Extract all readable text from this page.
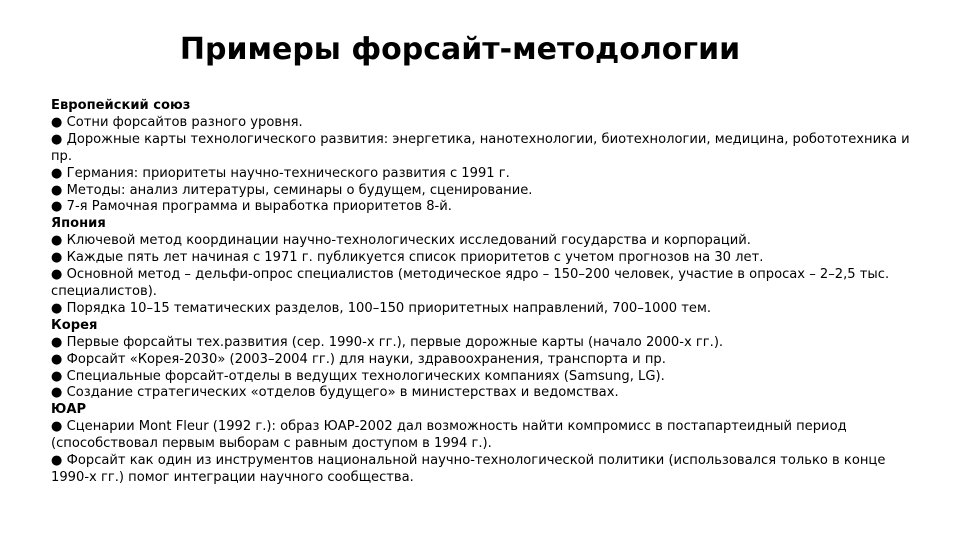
Примеры форсайт-методологии

Европейский союз

● Сотни форсайтов разного уровня.
● Дорожные карты технологического развития: энергетика, нанотехнологии, биотехнологии, медицина, робототехника и пр.
● Германия: приоритеты научно-технического развития с 1991 г.
● Методы: анализ литературы, семинары о будущем, сценирование.
● 7-я Рамочная программа и выработка приоритетов 8-й.

Япония

● Ключевой метод координации научно-технологических исследований государства и корпораций.
● Каждые пять лет начиная с 1971 г. публикуется список приоритетов с учетом прогнозов на 30 лет.
● Основной метод – дельфи-опрос специалистов (методическое ядро – 150–200 человек, участие в опросах – 2–2,5 тыс. специалистов).
● Порядка 10–15 тематических разделов, 100–150 приоритетных направлений, 700–1000 тем.

Корея

● Первые форсайты тех.развития (сер. 1990-х гг.), первые дорожные карты (начало 2000-х гг.).
● Форсайт «Корея-2030» (2003–2004 гг.) для науки, здравоохранения, транспорта и пр.
● Специальные форсайт-отделы в ведущих технологических компаниях (Samsung, LG).
● Создание стратегических «отделов будущего» в министерствах и ведомствах.

ЮАР

● Сценарии Mont Fleur (1992 г.): образ ЮАР-2002 дал возможность найти компромисс в постапартеидный период (способствовал первым выборам с равным доступом в 1994 г.).
● Форсайт как один из инструментов национальной научно-технологической политики (использовался только в конце 1990-х гг.) помог интеграции научного сообщества.
